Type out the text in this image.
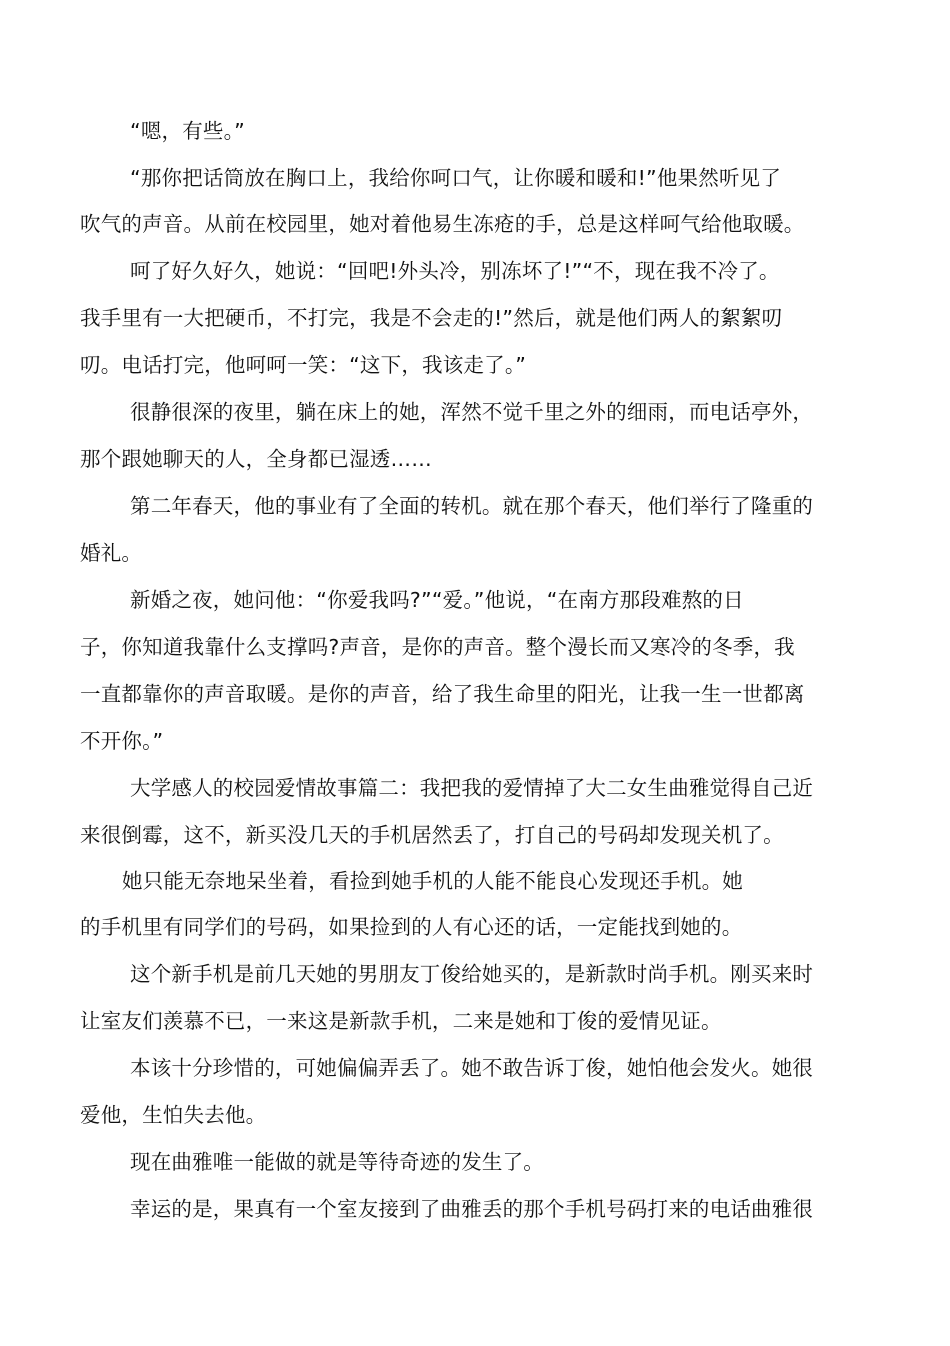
“嗯，有些。”
“那你把话筒放在胸口上，我给你呵口气，让你暖和暖和!”他果然听见了
吹气的声音。从前在校园里，她对着他易生冻疮的手，总是这样呵气给他取暖。
呵了好久好久，她说：“回吧!外头冷，别冻坏了!”“不，现在我不冷了。
我手里有一大把硬币，不打完，我是不会走的!”然后，就是他们两人的絮絮叨
叨。电话打完，他呵呵一笑：“这下，我该走了。”
很静很深的夜里，躺在床上的她，浑然不觉千里之外的细雨，而电话亭外，
那个跟她聊天的人，全身都已湿透……
第二年春天，他的事业有了全面的转机。就在那个春天，他们举行了隆重的
婚礼。
新婚之夜，她问他：“你爱我吗?”“爱。”他说，“在南方那段难熬的日
子，你知道我靠什么支撑吗?声音，是你的声音。整个漫长而又寒冷的冬季，我
一直都靠你的声音取暖。是你的声音，给了我生命里的阳光，让我一生一世都离
不开你。”
大学感人的校园爱情故事篇二：我把我的爱情掉了大二女生曲雅觉得自己近
来很倒霉，这不，新买没几天的手机居然丢了，打自己的号码却发现关机了。
她只能无奈地呆坐着，看捡到她手机的人能不能良心发现还手机。她
的手机里有同学们的号码，如果捡到的人有心还的话，一定能找到她的。
这个新手机是前几天她的男朋友丁俊给她买的，是新款时尚手机。刚买来时
让室友们羡慕不已，一来这是新款手机，二来是她和丁俊的爱情见证。
本该十分珍惜的，可她偏偏弄丢了。她不敢告诉丁俊，她怕他会发火。她很
爱他，生怕失去他。
现在曲雅唯一能做的就是等待奇迹的发生了。
幸运的是，果真有一个室友接到了曲雅丢的那个手机号码打来的电话曲雅很
